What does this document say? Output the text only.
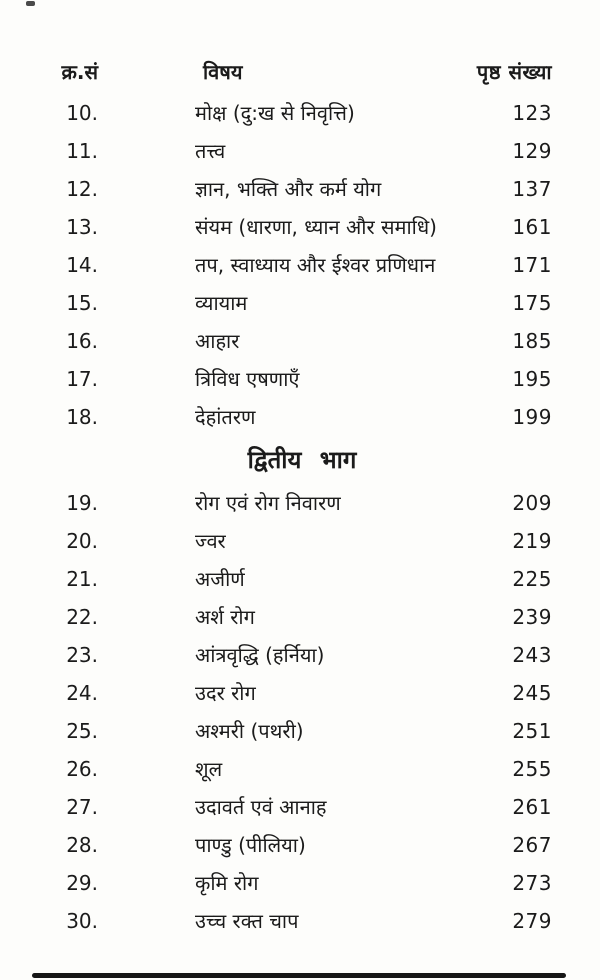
क्र.सं	विषय	पृष्ठ संख्या
10.	मोक्ष (दु:ख से निवृत्ति)	123
11.	तत्त्व	129
12.	ज्ञान, भक्ति और कर्म योग	137
13.	संयम (धारणा, ध्यान और समाधि)	161
14.	तप, स्वाध्याय और ईश्वर प्रणिधान	171
15.	व्यायाम	175
16.	आहार	185
17.	त्रिविध एषणाएँ	195
18.	देहांतरण	199
द्वितीय भाग
19.	रोग एवं रोग निवारण	209
20.	ज्वर	219
21.	अजीर्ण	225
22.	अर्श रोग	239
23.	आंत्रवृद्धि (हर्निया)	243
24.	उदर रोग	245
25.	अश्मरी (पथरी)	251
26.	शूल	255
27.	उदावर्त एवं आनाह	261
28.	पाण्डु (पीलिया)	267
29.	कृमि रोग	273
30.	उच्च रक्त चाप	279
